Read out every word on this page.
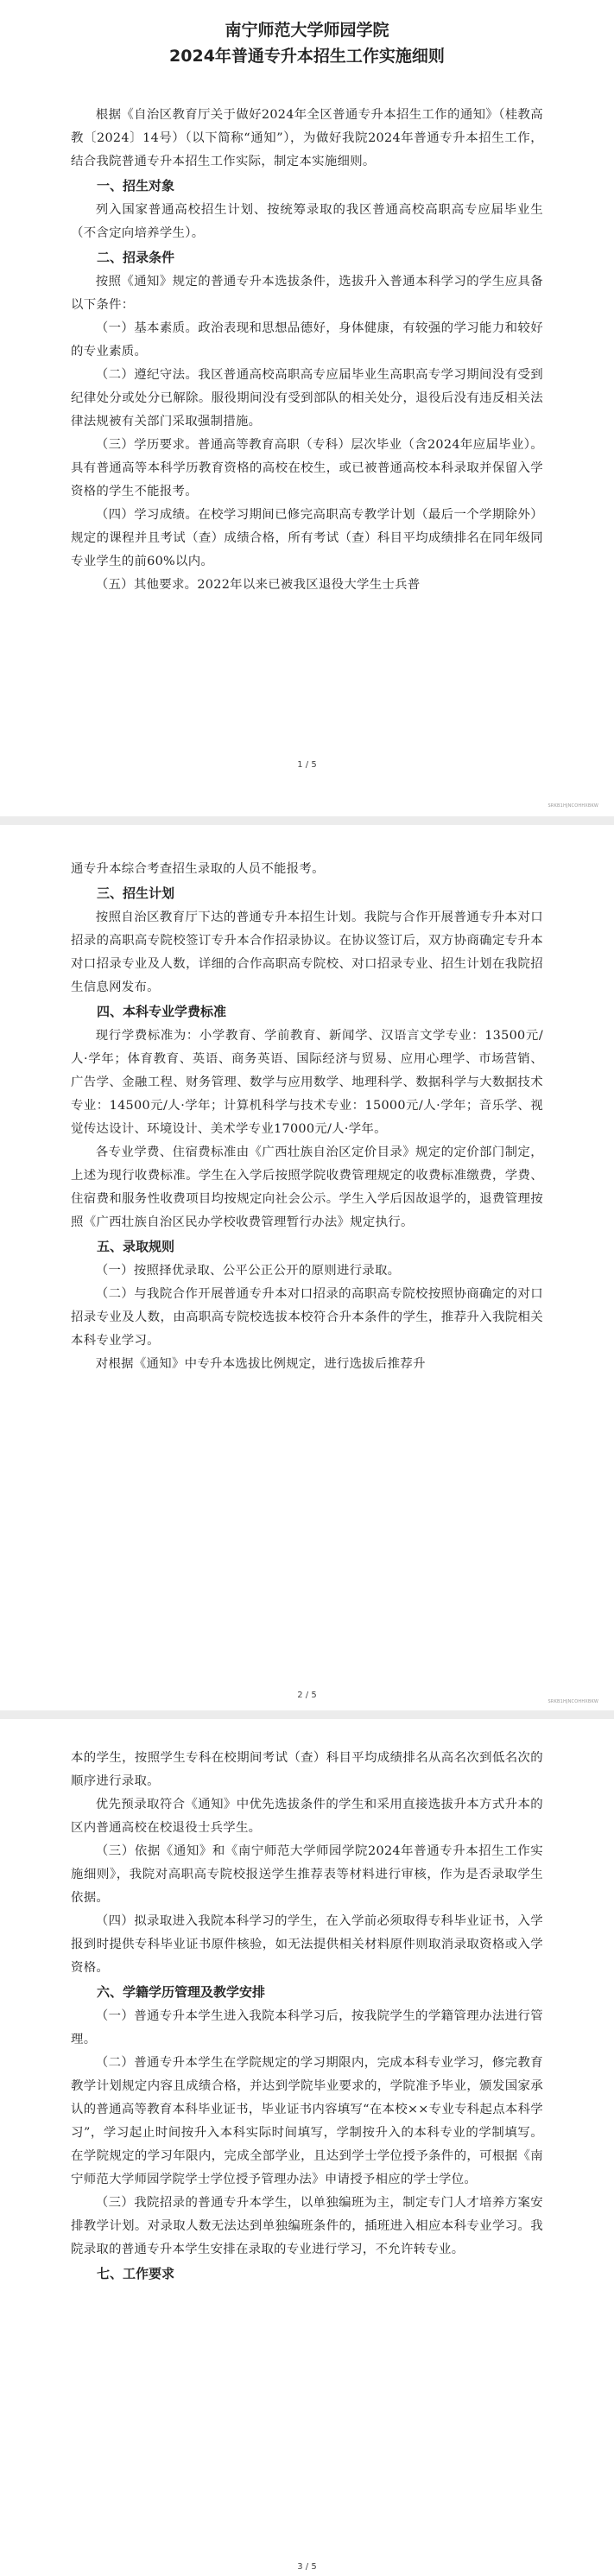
南宁师范大学师园学院
2024年普通专升本招生工作实施细则

根据《自治区教育厅关于做好2024年全区普通专升本招生工作的通知》（桂教高教〔2024〕14号）（以下简称“通知”），为做好我院2024年普通专升本招生工作，结合我院普通专升本招生工作实际，制定本实施细则。

一、招生对象

列入国家普通高校招生计划、按统筹录取的我区普通高校高职高专应届毕业生（不含定向培养学生）。

二、招录条件

按照《通知》规定的普通专升本选拔条件，选拔升入普通本科学习的学生应具备以下条件：

（一）基本素质。政治表现和思想品德好，身体健康，有较强的学习能力和较好的专业素质。

（二）遵纪守法。我区普通高校高职高专应届毕业生高职高专学习期间没有受到纪律处分或处分已解除。服役期间没有受到部队的相关处分，退役后没有违反相关法律法规被有关部门采取强制措施。

（三）学历要求。普通高等教育高职（专科）层次毕业（含2024年应届毕业）。具有普通高等本科学历教育资格的高校在校生，或已被普通高校本科录取并保留入学资格的学生不能报考。

（四）学习成绩。在校学习期间已修完高职高专教学计划（最后一个学期除外）规定的课程并且考试（查）成绩合格，所有考试（查）科目平均成绩排名在同年级同专业学生的前60%以内。

（五）其他要求。2022年以来已被我区退役大学生士兵普

1 / 5
SRKB1HJNCOHHXBKW

通专升本综合考查招生录取的人员不能报考。

三、招生计划

按照自治区教育厅下达的普通专升本招生计划。我院与合作开展普通专升本对口招录的高职高专院校签订专升本合作招录协议。在协议签订后，双方协商确定专升本对口招录专业及人数，详细的合作高职高专院校、对口招录专业、招生计划在我院招生信息网发布。

四、本科专业学费标准

现行学费标准为：小学教育、学前教育、新闻学、汉语言文学专业：13500元/人·学年；体育教育、英语、商务英语、国际经济与贸易、应用心理学、市场营销、广告学、金融工程、财务管理、数学与应用数学、地理科学、数据科学与大数据技术专业：14500元/人·学年；计算机科学与技术专业：15000元/人·学年；音乐学、视觉传达设计、环境设计、美术学专业17000元/人·学年。

各专业学费、住宿费标准由《广西壮族自治区定价目录》规定的定价部门制定，上述为现行收费标准。学生在入学后按照学院收费管理规定的收费标准缴费，学费、住宿费和服务性收费项目均按规定向社会公示。学生入学后因故退学的，退费管理按照《广西壮族自治区民办学校收费管理暂行办法》规定执行。

五、录取规则

（一）按照择优录取、公平公正公开的原则进行录取。

（二）与我院合作开展普通专升本对口招录的高职高专院校按照协商确定的对口招录专业及人数，由高职高专院校选拔本校符合升本条件的学生，推荐升入我院相关本科专业学习。

对根据《通知》中专升本选拔比例规定，进行选拔后推荐升

2 / 5
SRKB1HJNCOHHXBKW

本的学生，按照学生专科在校期间考试（查）科目平均成绩排名从高名次到低名次的顺序进行录取。

优先预录取符合《通知》中优先选拔条件的学生和采用直接选拔升本方式升本的区内普通高校在校退役士兵学生。

（三）依据《通知》和《南宁师范大学师园学院2024年普通专升本招生工作实施细则》，我院对高职高专院校报送学生推荐表等材料进行审核，作为是否录取学生依据。

（四）拟录取进入我院本科学习的学生，在入学前必须取得专科毕业证书，入学报到时提供专科毕业证书原件核验，如无法提供相关材料原件则取消录取资格或入学资格。

六、学籍学历管理及教学安排

（一）普通专升本学生进入我院本科学习后，按我院学生的学籍管理办法进行管理。

（二）普通专升本学生在学院规定的学习期限内，完成本科专业学习，修完教育教学计划规定内容且成绩合格，并达到学院毕业要求的，学院准予毕业，颁发国家承认的普通高等教育本科毕业证书，毕业证书内容填写“在本校××专业专科起点本科学习”，学习起止时间按升入本科实际时间填写，学制按升入的本科专业的学制填写。在学院规定的学习年限内，完成全部学业，且达到学士学位授予条件的，可根据《南宁师范大学师园学院学士学位授予管理办法》申请授予相应的学士学位。

（三）我院招录的普通专升本学生，以单独编班为主，制定专门人才培养方案安排教学计划。对录取人数无法达到单独编班条件的，插班进入相应本科专业学习。我院录取的普通专升本学生安排在录取的专业进行学习，不允许转专业。

七、工作要求
3 / 5
